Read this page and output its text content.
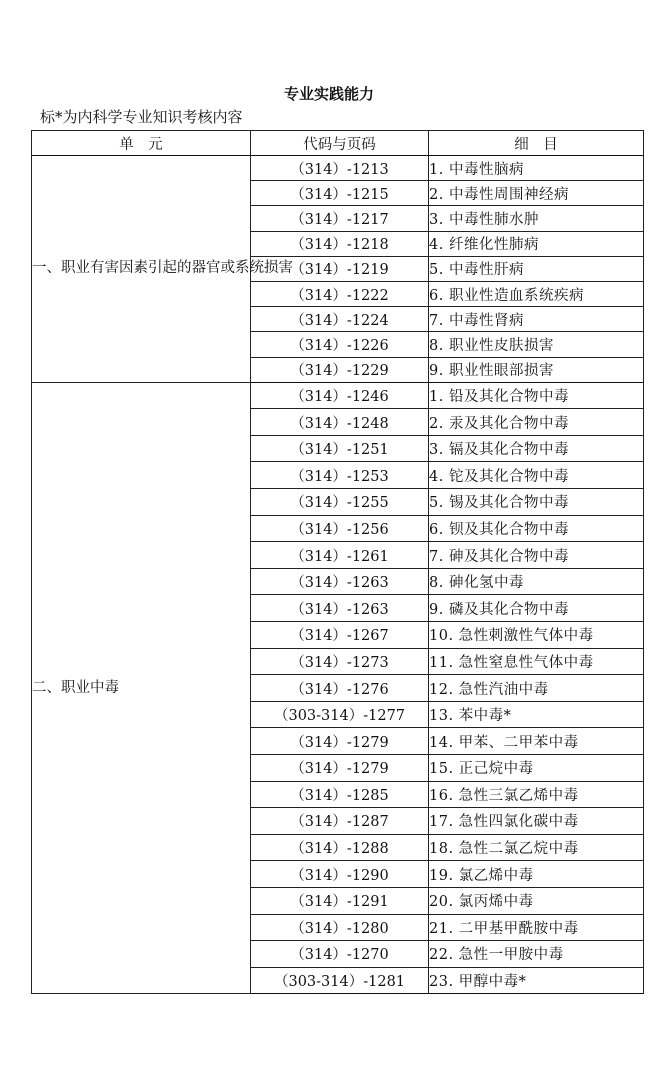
专业实践能力
标*为内科学专业知识考核内容
单　元	代码与页码	细　目
一、职业有害因素引起的器官或系统损害	（314）-1213	1. 中毒性脑病
	（314）-1215	2. 中毒性周围神经病
	（314）-1217	3. 中毒性肺水肿
	（314）-1218	4. 纤维化性肺病
	（314）-1219	5. 中毒性肝病
	（314）-1222	6. 职业性造血系统疾病
	（314）-1224	7. 中毒性肾病
	（314）-1226	8. 职业性皮肤损害
	（314）-1229	9. 职业性眼部损害
二、职业中毒	（314）-1246	1. 铅及其化合物中毒
	（314）-1248	2. 汞及其化合物中毒
	（314）-1251	3. 镉及其化合物中毒
	（314）-1253	4. 铊及其化合物中毒
	（314）-1255	5. 锡及其化合物中毒
	（314）-1256	6. 钡及其化合物中毒
	（314）-1261	7. 砷及其化合物中毒
	（314）-1263	8. 砷化氢中毒
	（314）-1263	9. 磷及其化合物中毒
	（314）-1267	10. 急性刺激性气体中毒
	（314）-1273	11. 急性窒息性气体中毒
	（314）-1276	12. 急性汽油中毒
	（303-314）-1277	13. 苯中毒*
	（314）-1279	14. 甲苯、二甲苯中毒
	（314）-1279	15. 正己烷中毒
	（314）-1285	16. 急性三氯乙烯中毒
	（314）-1287	17. 急性四氯化碳中毒
	（314）-1288	18. 急性二氯乙烷中毒
	（314）-1290	19. 氯乙烯中毒
	（314）-1291	20. 氯丙烯中毒
	（314）-1280	21. 二甲基甲酰胺中毒
	（314）-1270	22. 急性一甲胺中毒
	（303-314）-1281	23. 甲醇中毒*
